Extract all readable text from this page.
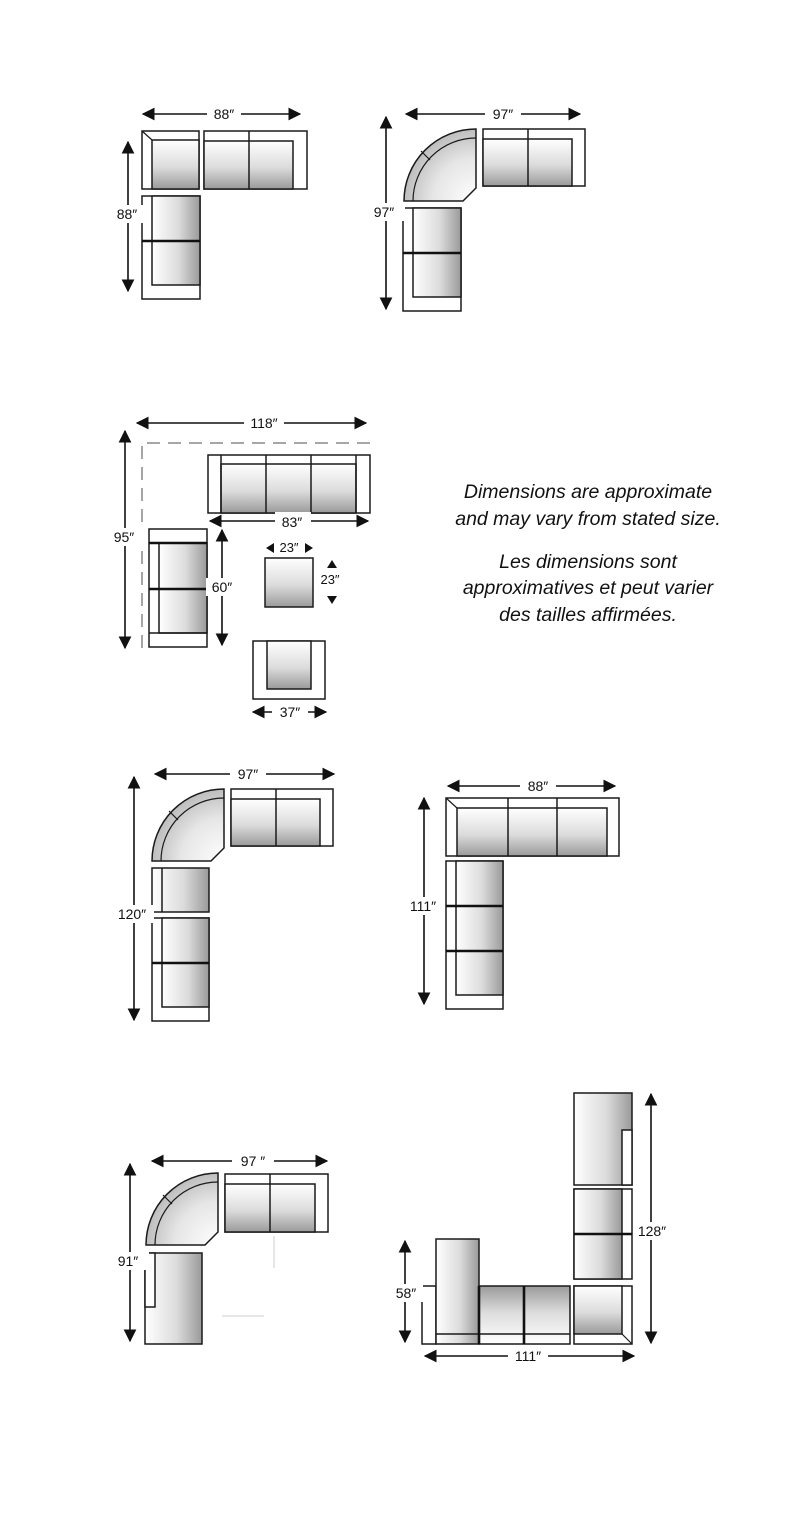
88″
88″
97″
97″
118″
95″
83″
60″
23″
23″
37″
Dimensions are approximate
and may vary from stated size.
Les dimensions sont
approximatives et peut varier
des tailles affirmées.
97″
120″
88″
111″
97 ″
91″
58″
111″
128″
